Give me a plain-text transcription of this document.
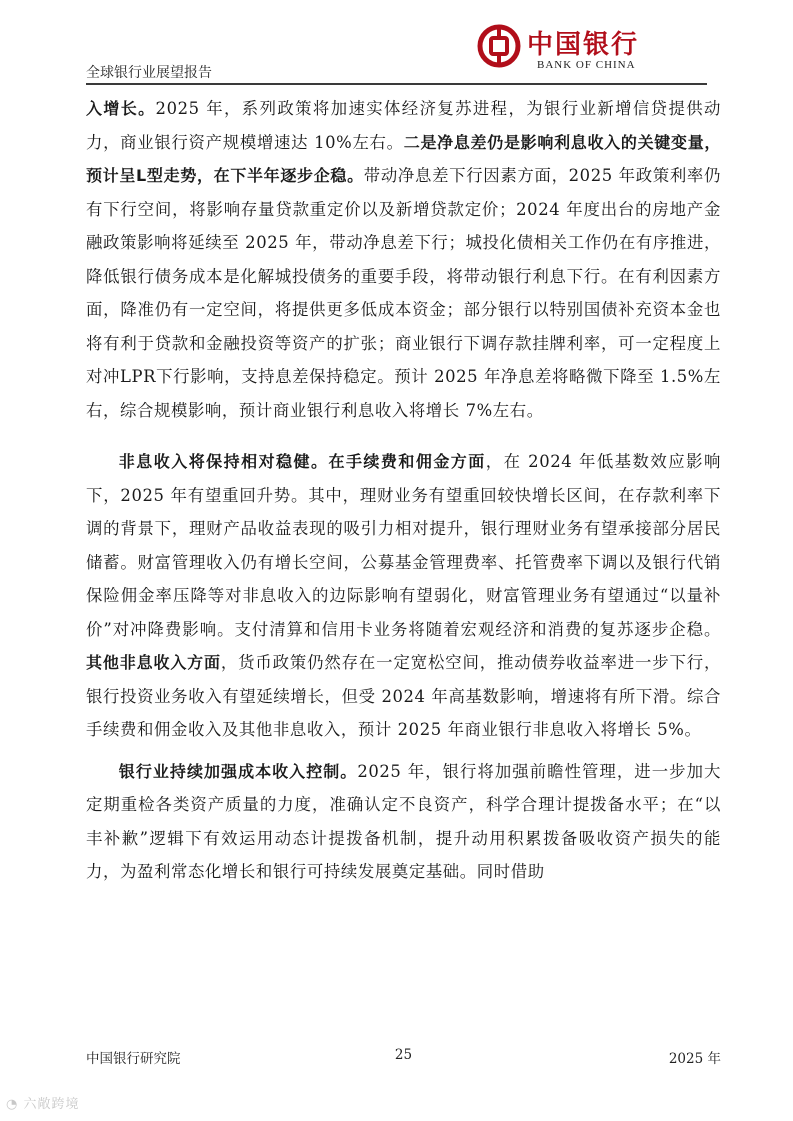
全球银行业展望报告
中国银行
BANK OF CHINA

入增长。2025 年，系列政策将加速实体经济复苏进程，为银行业新增信贷提供动力，商业银行资产规模增速达 10%左右。二是净息差仍是影响利息收入的关键变量，预计呈L型走势，在下半年逐步企稳。带动净息差下行因素方面，2025 年政策利率仍有下行空间，将影响存量贷款重定价以及新增贷款定价；2024 年度出台的房地产金融政策影响将延续至 2025 年，带动净息差下行；城投化债相关工作仍在有序推进，降低银行债务成本是化解城投债务的重要手段，将带动银行利息下行。在有利因素方面，降准仍有一定空间，将提供更多低成本资金；部分银行以特别国债补充资本金也将有利于贷款和金融投资等资产的扩张；商业银行下调存款挂牌利率，可一定程度上对冲LPR下行影响，支持息差保持稳定。预计 2025 年净息差将略微下降至 1.5%左右，综合规模影响，预计商业银行利息收入将增长 7%左右。

非息收入将保持相对稳健。在手续费和佣金方面，在 2024 年低基数效应影响下，2025 年有望重回升势。其中，理财业务有望重回较快增长区间，在存款利率下调的背景下，理财产品收益表现的吸引力相对提升，银行理财业务有望承接部分居民储蓄。财富管理收入仍有增长空间，公募基金管理费率、托管费率下调以及银行代销保险佣金率压降等对非息收入的边际影响有望弱化，财富管理业务有望通过“以量补价”对冲降费影响。支付清算和信用卡业务将随着宏观经济和消费的复苏逐步企稳。其他非息收入方面，货币政策仍然存在一定宽松空间，推动债券收益率进一步下行，银行投资业务收入有望延续增长，但受 2024 年高基数影响，增速将有所下滑。综合手续费和佣金收入及其他非息收入，预计 2025 年商业银行非息收入将增长 5%。

银行业持续加强成本收入控制。2025 年，银行将加强前瞻性管理，进一步加大定期重检各类资产质量的力度，准确认定不良资产，科学合理计提拨备水平；在“以丰补歉”逻辑下有效运用动态计提拨备机制，提升动用积累拨备吸收资产损失的能力，为盈利常态化增长和银行可持续发展奠定基础。同时借助

中国银行研究院	25	2025 年
◔ 六敞跨境
